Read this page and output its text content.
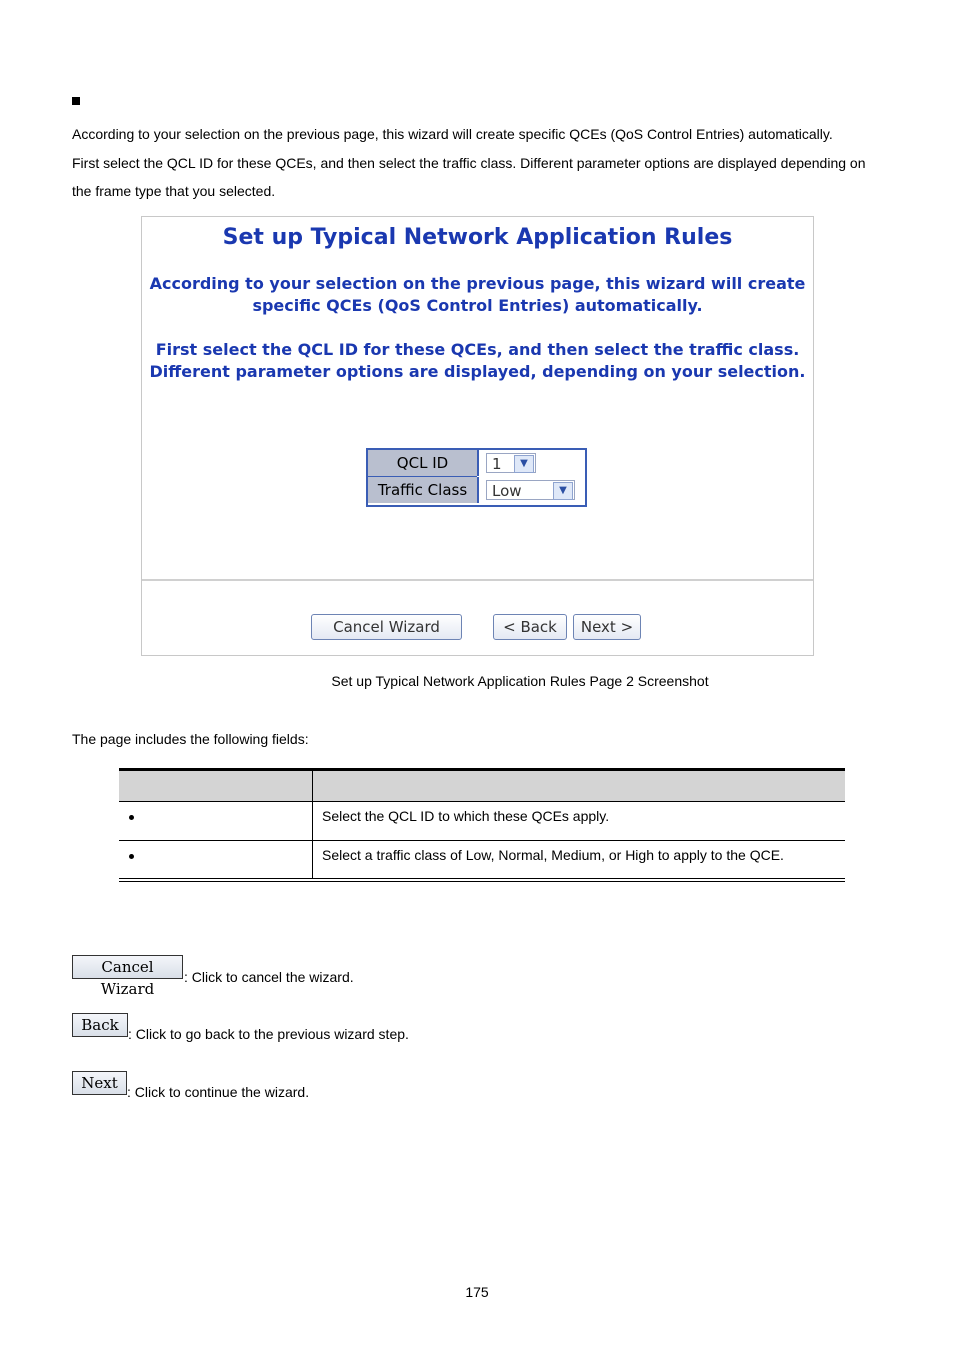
According to your selection on the previous page, this wizard will create specific QCEs (QoS Control Entries) automatically.
First select the QCL ID for these QCEs, and then select the traffic class. Different parameter options are displayed depending on
the frame type that you selected.
Set up Typical Network Application Rules
According to your selection on the previous page, this wizard will create
specific QCEs (QoS Control Entries) automatically.
First select the QCL ID for these QCEs, and then select the traffic class.
Different parameter options are displayed, depending on your selection.
QCL ID	1	▼
Traffic Class	Low	▼
Cancel Wizard	< Back	Next >
Set up Typical Network Application Rules Page 2 Screenshot
The page includes the following fields:
Select the QCL ID to which these QCEs apply.
Select a traffic class of Low, Normal, Medium, or High to apply to the QCE.
Cancel Wizard
: Click to cancel the wizard.
Back : Click to go back to the previous wizard step.
Next : Click to continue the wizard.
175
